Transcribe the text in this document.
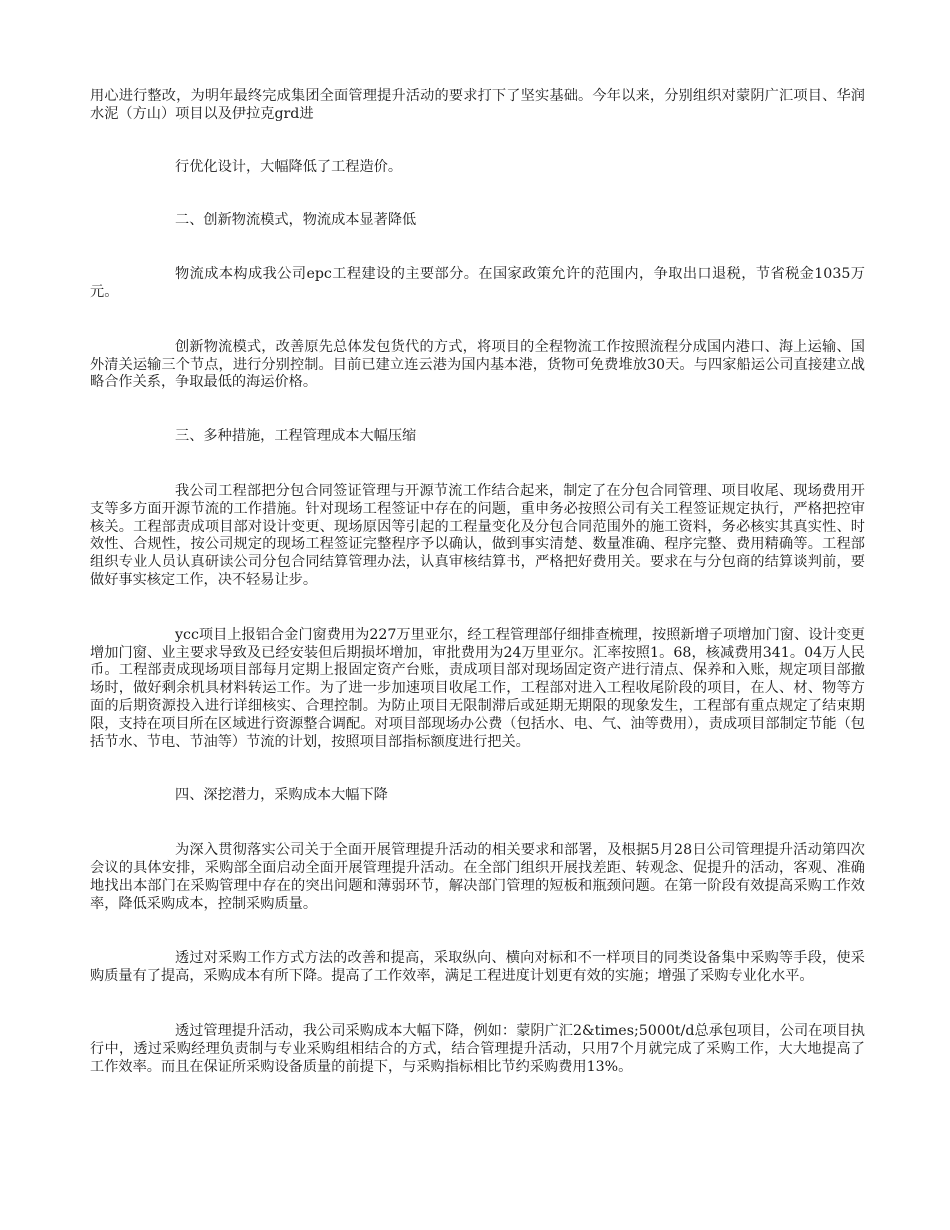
用心进行整改，为明年最终完成集团全面管理提升活动的要求打下了坚实基础。今年以来，分别组织对蒙阴广汇项目、华润水泥（方山）项目以及伊拉克grd进

行优化设计，大幅降低了工程造价。

二、创新物流模式，物流成本显著降低

物流成本构成我公司epc工程建设的主要部分。在国家政策允许的范围内，争取出口退税，节省税金1035万元。

创新物流模式，改善原先总体发包货代的方式，将项目的全程物流工作按照流程分成国内港口、海上运输、国外清关运输三个节点，进行分别控制。目前已建立连云港为国内基本港，货物可免费堆放30天。与四家船运公司直接建立战略合作关系，争取最低的海运价格。

三、多种措施，工程管理成本大幅压缩

我公司工程部把分包合同签证管理与开源节流工作结合起来，制定了在分包合同管理、项目收尾、现场费用开支等多方面开源节流的工作措施。针对现场工程签证中存在的问题，重申务必按照公司有关工程签证规定执行，严格把控审核关。工程部责成项目部对设计变更、现场原因等引起的工程量变化及分包合同范围外的施工资料，务必核实其真实性、时效性、合规性，按公司规定的现场工程签证完整程序予以确认，做到事实清楚、数量准确、程序完整、费用精确等。工程部组织专业人员认真研读公司分包合同结算管理办法，认真审核结算书，严格把好费用关。要求在与分包商的结算谈判前，要做好事实核定工作，决不轻易让步。

ycc项目上报铝合金门窗费用为227万里亚尔，经工程管理部仔细排查梳理，按照新增子项增加门窗、设计变更增加门窗、业主要求导致及已经安装但后期损坏增加，审批费用为24万里亚尔。汇率按照1。68，核减费用341。04万人民币。工程部责成现场项目部每月定期上报固定资产台账，责成项目部对现场固定资产进行清点、保养和入账，规定项目部撤场时，做好剩余机具材料转运工作。为了进一步加速项目收尾工作，工程部对进入工程收尾阶段的项目，在人、材、物等方面的后期资源投入进行详细核实、合理控制。为防止项目无限制滞后或延期无期限的现象发生，工程部有重点规定了结束期限，支持在项目所在区域进行资源整合调配。对项目部现场办公费（包括水、电、气、油等费用），责成项目部制定节能（包括节水、节电、节油等）节流的计划，按照项目部指标额度进行把关。

四、深挖潜力，采购成本大幅下降

为深入贯彻落实公司关于全面开展管理提升活动的相关要求和部署，及根据5月28日公司管理提升活动第四次会议的具体安排，采购部全面启动全面开展管理提升活动。在全部门组织开展找差距、转观念、促提升的活动，客观、准确地找出本部门在采购管理中存在的突出问题和薄弱环节，解决部门管理的短板和瓶颈问题。在第一阶段有效提高采购工作效率，降低采购成本，控制采购质量。

透过对采购工作方式方法的改善和提高，采取纵向、横向对标和不一样项目的同类设备集中采购等手段，使采购质量有了提高，采购成本有所下降。提高了工作效率，满足工程进度计划更有效的实施；增强了采购专业化水平。

透过管理提升活动，我公司采购成本大幅下降，例如：蒙阴广汇2&times;5000t/d总承包项目，公司在项目执行中，透过采购经理负责制与专业采购组相结合的方式，结合管理提升活动，只用7个月就完成了采购工作，大大地提高了工作效率。而且在保证所采购设备质量的前提下，与采购指标相比节约采购费用13%。
